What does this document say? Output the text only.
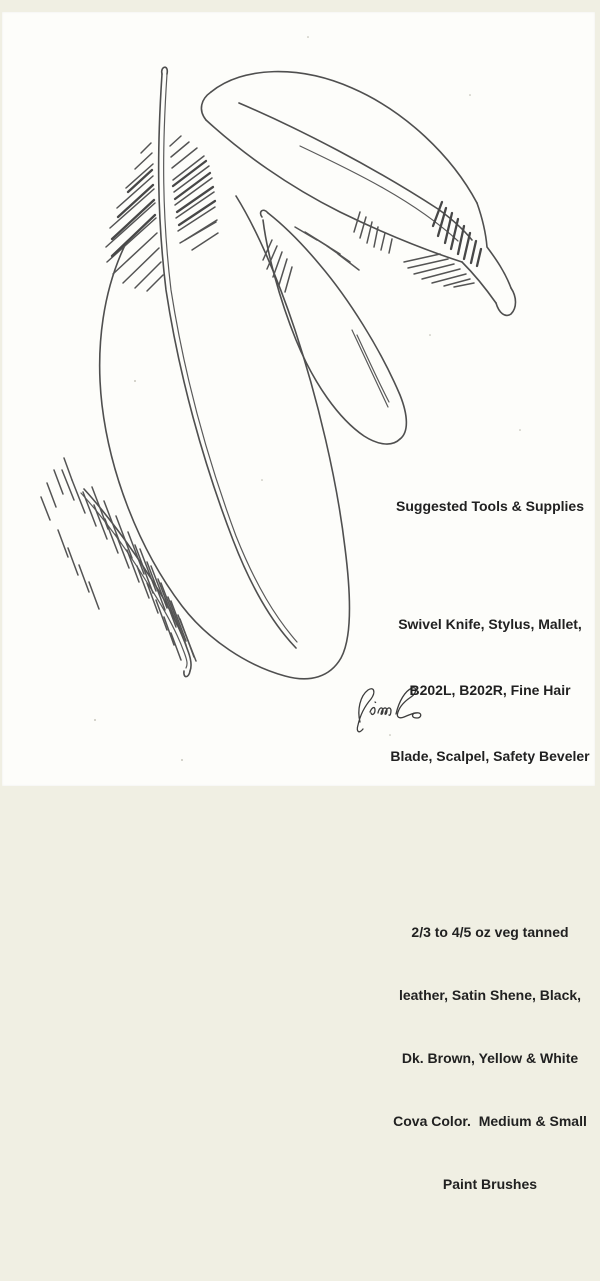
Suggested Tools & Supplies

Swivel Knife, Stylus, Mallet,

B202L, B202R, Fine Hair

Blade, Scalpel, Safety Beveler

2/3 to 4/5 oz veg tanned

leather, Satin Shene, Black,

Dk. Brown, Yellow & White

Cova Color.  Medium & Small

Paint Brushes
